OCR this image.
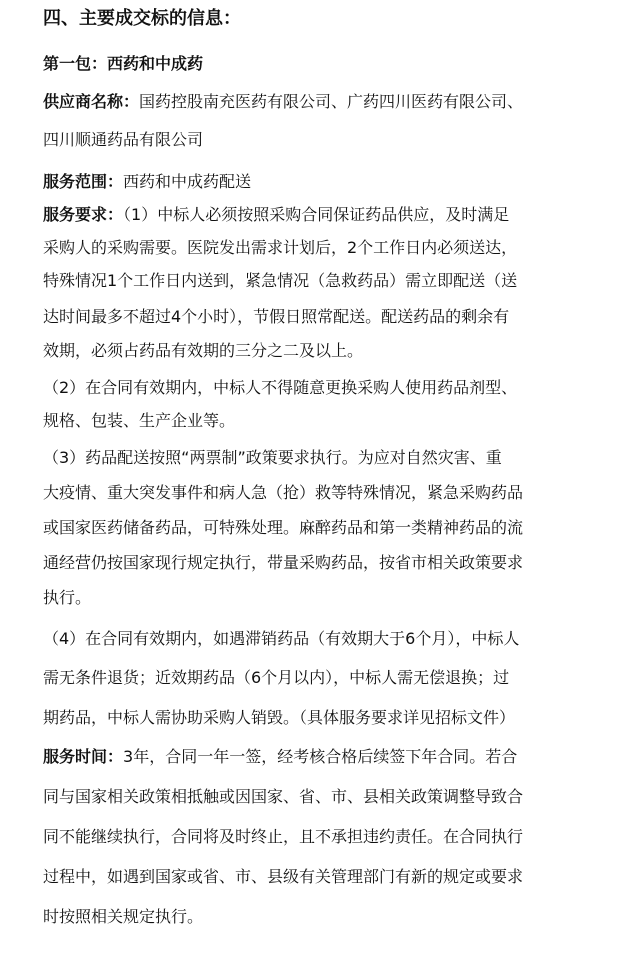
四、主要成交标的信息：
第一包：西药和中成药
供应商名称：国药控股南充医药有限公司、广药四川医药有限公司、
四川顺通药品有限公司
服务范围：西药和中成药配送
服务要求：（1）中标人必须按照采购合同保证药品供应，及时满足
采购人的采购需要。医院发出需求计划后，2个工作日内必须送达，
特殊情况1个工作日内送到，紧急情况（急救药品）需立即配送（送
达时间最多不超过4个小时），节假日照常配送。配送药品的剩余有
效期，必须占药品有效期的三分之二及以上。
（2）在合同有效期内，中标人不得随意更换采购人使用药品剂型、
规格、包装、生产企业等。
（3）药品配送按照“两票制”政策要求执行。为应对自然灾害、重
大疫情、重大突发事件和病人急（抢）救等特殊情况，紧急采购药品
或国家医药储备药品，可特殊处理。麻醉药品和第一类精神药品的流
通经营仍按国家现行规定执行，带量采购药品，按省市相关政策要求
执行。
（4）在合同有效期内，如遇滞销药品（有效期大于6个月），中标人
需无条件退货；近效期药品（6个月以内），中标人需无偿退换；过
期药品，中标人需协助采购人销毁。（具体服务要求详见招标文件）
服务时间：3年，合同一年一签，经考核合格后续签下年合同。若合
同与国家相关政策相抵触或因国家、省、市、县相关政策调整导致合
同不能继续执行，合同将及时终止，且不承担违约责任。在合同执行
过程中，如遇到国家或省、市、县级有关管理部门有新的规定或要求
时按照相关规定执行。
